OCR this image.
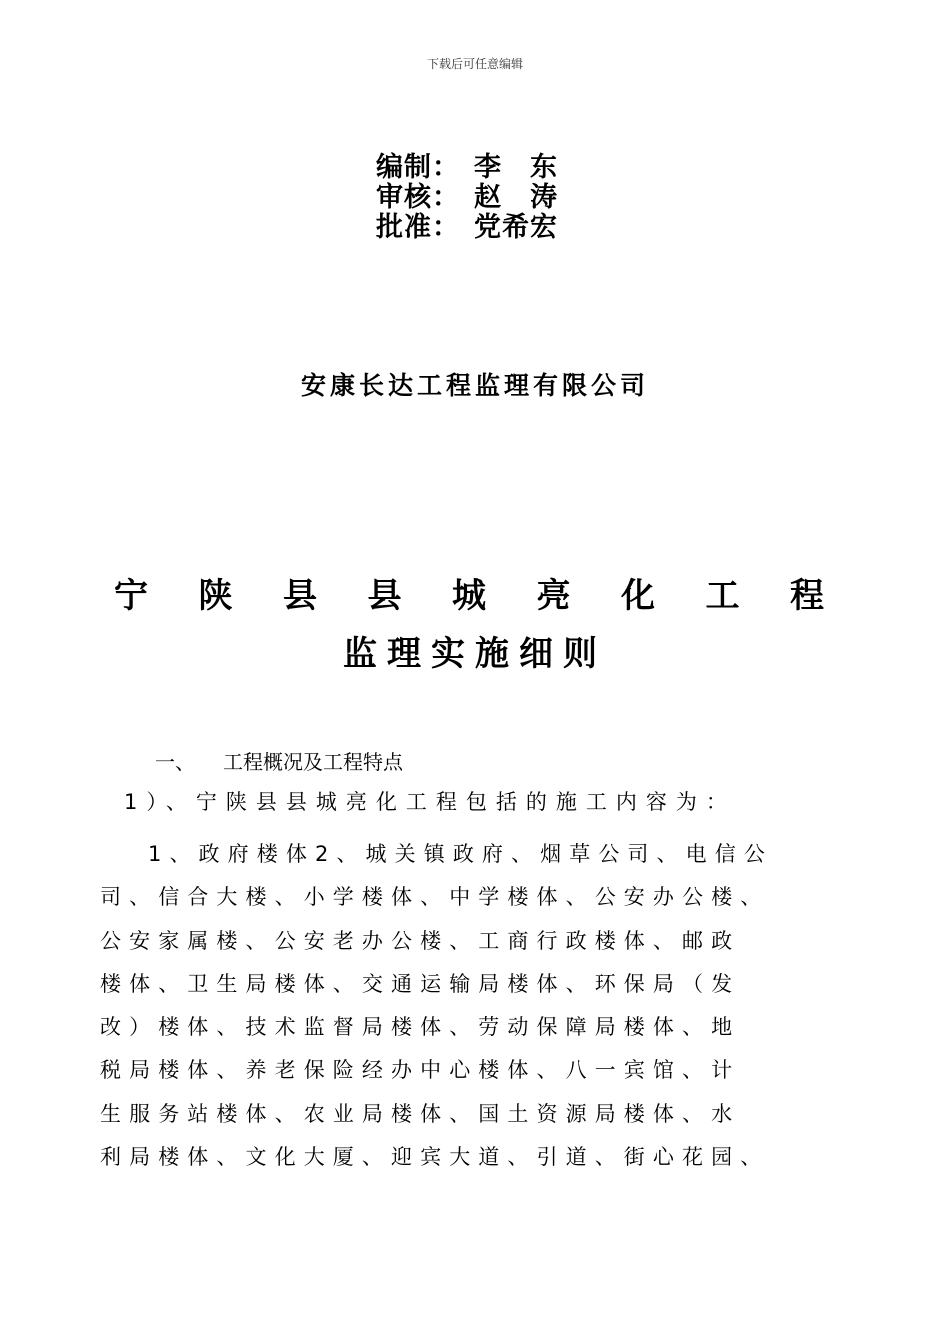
下载后可任意编辑
编制： 李　东
审核： 赵　涛
批准： 党希宏
安康长达工程监理有限公司
宁 陕 县 县 城 亮 化 工 程
监理实施细则
一、 工程概况及工程特点
1）、宁陕县县城亮化工程包括的施工内容为：
1、政府楼体2、城关镇政府、烟草公司、电信公
司、信合大楼、小学楼体、中学楼体、公安办公楼、
公安家属楼、公安老办公楼、工商行政楼体、邮政
楼体、卫生局楼体、交通运输局楼体、环保局（发
改）楼体、技术监督局楼体、劳动保障局楼体、地
税局楼体、养老保险经办中心楼体、八一宾馆、计
生服务站楼体、农业局楼体、国土资源局楼体、水
利局楼体、文化大厦、迎宾大道、引道、街心花园、
